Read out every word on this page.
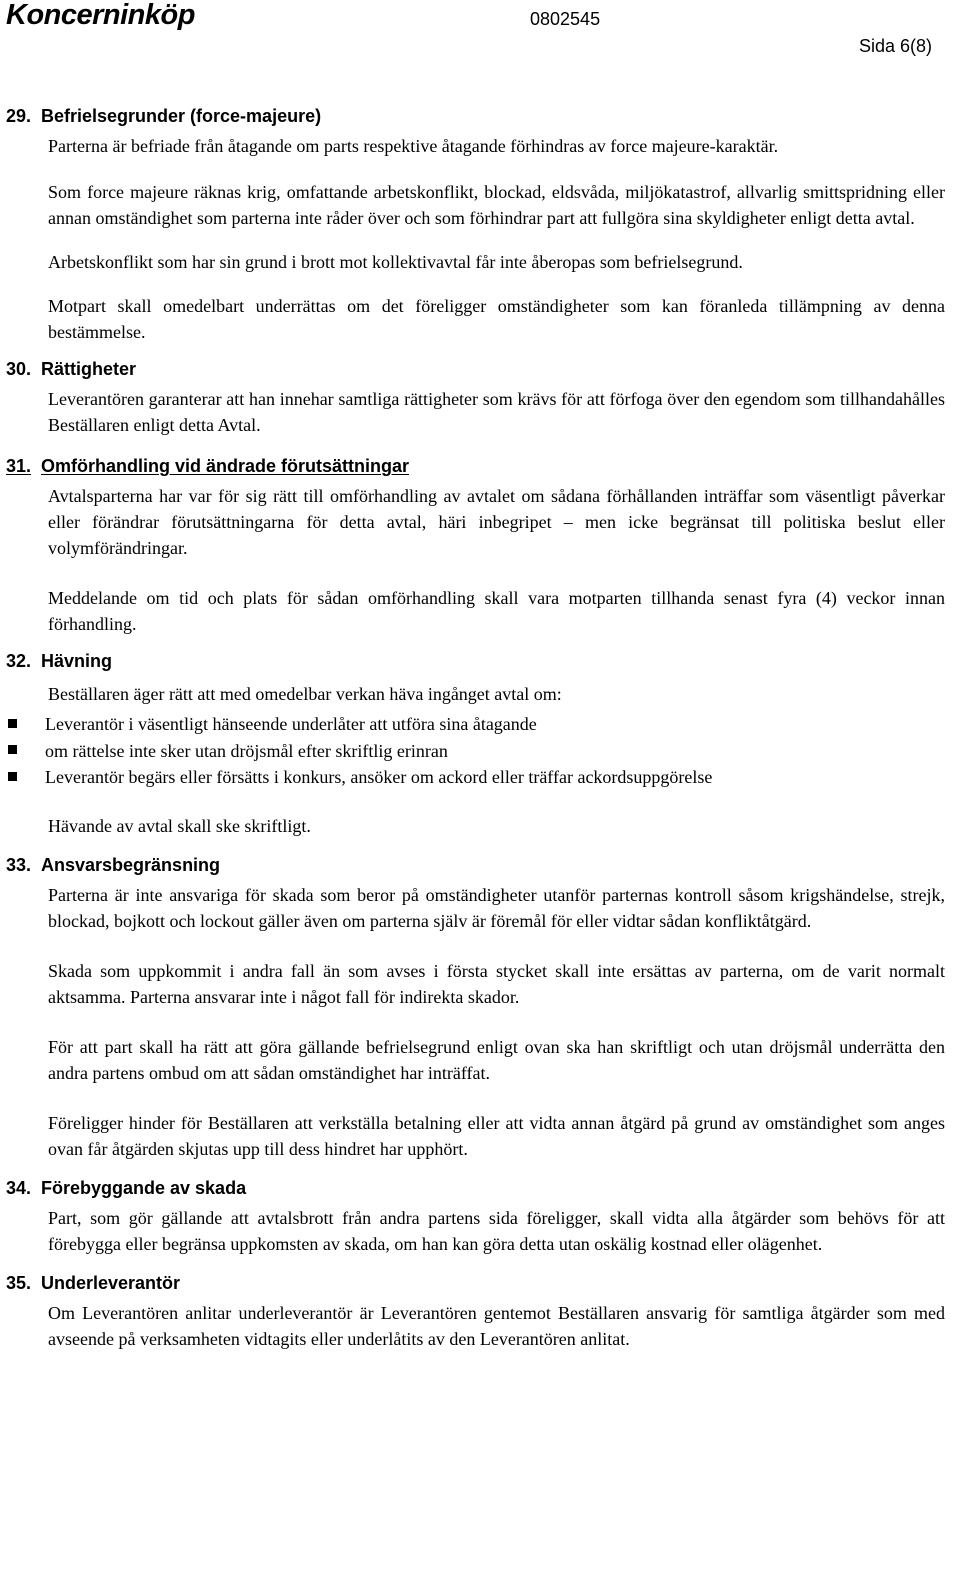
Koncerninköp	0802545
Sida 6(8)
29. Befrielsegrunder (force-majeure)

Parterna är befriade från åtagande om parts respektive åtagande förhindras av force majeure-karaktär.

Som force majeure räknas krig, omfattande arbetskonflikt, blockad, eldsvåda, miljökatastrof, allvarlig smittspridning eller annan omständighet som parterna inte råder över och som förhindrar part att fullgöra sina skyldigheter enligt detta avtal.

Arbetskonflikt som har sin grund i brott mot kollektivavtal får inte åberopas som befrielsegrund.

Motpart skall omedelbart underrättas om det föreligger omständigheter som kan föranleda tillämpning av denna bestämmelse.

30. Rättigheter

Leverantören garanterar att han innehar samtliga rättigheter som krävs för att förfoga över den egendom som tillhandahålles Beställaren enligt detta Avtal.

31. Omförhandling vid ändrade förutsättningar

Avtalsparterna har var för sig rätt till omförhandling av avtalet om sådana förhållanden inträffar som väsentligt påverkar eller förändrar förutsättningarna för detta avtal, häri inbegripet – men icke begränsat till politiska beslut eller volymförändringar.

Meddelande om tid och plats för sådan omförhandling skall vara motparten tillhanda senast fyra (4) veckor innan förhandling.

32. Hävning

Beställaren äger rätt att med omedelbar verkan häva ingånget avtal om:

Leverantör i väsentligt hänseende underlåter att utföra sina åtagande
om rättelse inte sker utan dröjsmål efter skriftlig erinran
Leverantör begärs eller försätts i konkurs, ansöker om ackord eller träffar ackordsuppgörelse

Hävande av avtal skall ske skriftligt.

33. Ansvarsbegränsning

Parterna är inte ansvariga för skada som beror på omständigheter utanför parternas kontroll såsom krigshändelse, strejk, blockad, bojkott och lockout gäller även om parterna själv är föremål för eller vidtar sådan konfliktåtgärd.

Skada som uppkommit i andra fall än som avses i första stycket skall inte ersättas av parterna, om de varit normalt aktsamma. Parterna ansvarar inte i något fall för indirekta skador.

För att part skall ha rätt att göra gällande befrielsegrund enligt ovan ska han skriftligt och utan dröjsmål underrätta den andra partens ombud om att sådan omständighet har inträffat.

Föreligger hinder för Beställaren att verkställa betalning eller att vidta annan åtgärd på grund av omständighet som anges ovan får åtgärden skjutas upp till dess hindret har upphört.

34. Förebyggande av skada

Part, som gör gällande att avtalsbrott från andra partens sida föreligger, skall vidta alla åtgärder som behövs för att förebygga eller begränsa uppkomsten av skada, om han kan göra detta utan oskälig kostnad eller olägenhet.

35. Underleverantör

Om Leverantören anlitar underleverantör är Leverantören gentemot Beställaren ansvarig för samtliga åtgärder som med avseende på verksamheten vidtagits eller underlåtits av den Leverantören anlitat.
